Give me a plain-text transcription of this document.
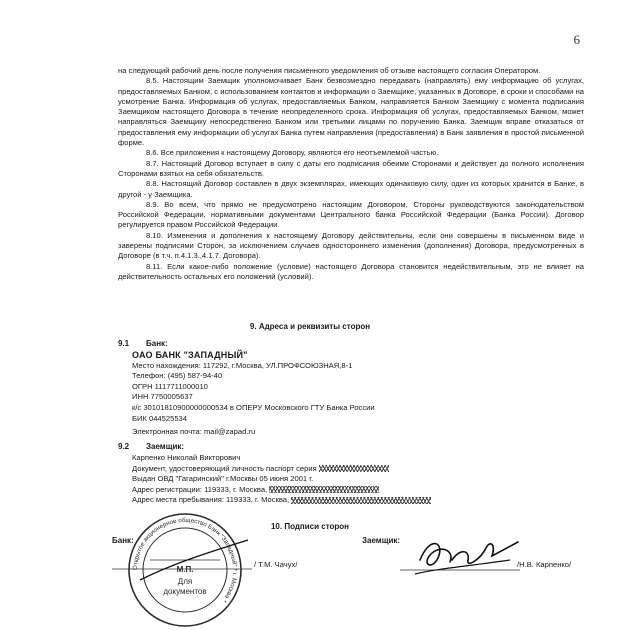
6

на следующий рабочий день после получения письменного уведомления об отзыве настоящего согласия Оператором.

8.5. Настоящим Заемщик уполномочивает Банк безвозмездно передавать (направлять) ему информацию об услугах, предоставляемых Банком, с использованием контактов и информации о Заемщике, указанных в Договоре, в сроки и способами на усмотрение Банка. Информация об услугах, предоставляемых Банком, направляется Банком Заемщику с момента подписания Заемщиком настоящего Договора в течение неопределенного срока. Информация об услугах, предоставляемых Банком, может направляться Заемщику непосредственно Банком или третьими лицами по поручению Банка. Заемщик вправе отказаться от предоставления ему информации об услугах Банка путем направления (предоставления) в Банк заявления в простой письменной форме.

8.6. Все приложения к настоящему Договору, являются его неотъемлемой частью.

8.7. Настоящий Договор вступает в силу с даты его подписания обеими Сторонами и действует до полного исполнения Сторонами взятых на себя обязательств.

8.8. Настоящий Договор составлен в двух экземплярах, имеющих одинаковую силу, один из которых хранится в Банке, в другой - у Заемщика.

8.9. Во всем, что прямо не предусмотрено настоящим Договором, Стороны руководствуются законодательством Российской Федерации, нормативными документами Центрального банка Российской Федерации (Банка России). Договор регулируется правом Российской Федерации.

8.10. Изменения и дополнения к настоящему Договору действительны, если они совершены в письменном виде и заверены подписями Сторон, за исключением случаев одностороннего изменения (дополнения) Договора, предусмотренных в Договоре (в т.ч. п.4.1.3.,4.1.7. Договора).

8.11. Если какое-либо положение (условие) настоящего Договора становится недействительным, это не влияет на действительность остальных его положений (условий).

9. Адреса и реквизиты сторон
9.1 Банк:
ОАО БАНК "ЗАПАДНЫЙ"
Место нахождения: 117292, г.Москва, УЛ.ПРОФСОЮЗНАЯ,8-1
Телефон: (495) 587-94-40
ОГРН 1117711000010
ИНН 7750005637
к/с 30101810900000000534 в ОПЕРУ Московского ГТУ Банка России
БИК 044525534
Электронная почта: mail@zapad.ru
9.2 Заемщик:
Карпенко Николай Викторович
Документ, удостоверяющий личность паспорт серия
Выдан ОВД "Гагаринский" г.Москвы 05 июня 2001 г.
Адрес регистрации: 119333, г. Москва,
Адрес места пребывания: 119333, г. Москва,
10. Подписи сторон
Банк:	Заемщик:
/ Т.М. Чачух/	/Н.В. Карпенко/
Открытое акционерное общество Банк "Западный" * г. Москва *
М.П.
Для
документов
